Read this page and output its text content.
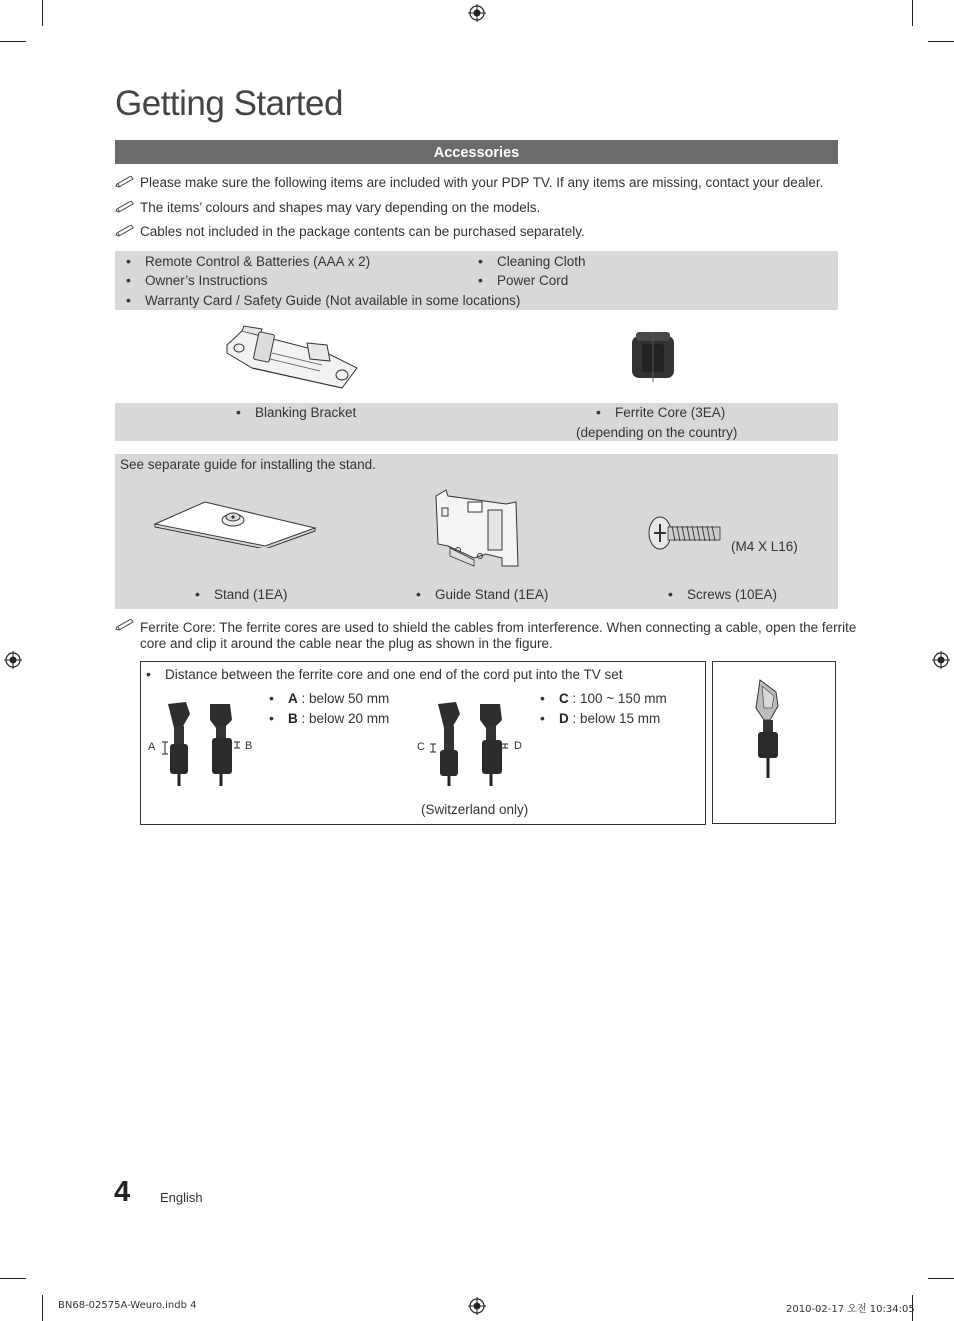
Getting Started
Accessories
Please make sure the following items are included with your PDP TV. If any items are missing, contact your dealer.
The items’ colours and shapes may vary depending on the models.
Cables not included in the package contents can be purchased separately.
• Remote Control & Batteries (AAA x 2)
• Owner’s Instructions
• Warranty Card / Safety Guide (Not available in some locations)
• Cleaning Cloth
• Power Cord
• Blanking Bracket	• Ferrite Core (3EA)
(depending on the country)
See separate guide for installing the stand.
(M4 X L16)
• Stand (1EA)	• Guide Stand (1EA)	• Screws (10EA)
Ferrite Core: The ferrite cores are used to shield the cables from interference. When connecting a cable, open the ferrite
core and clip it around the cable near the plug as shown in the figure.
• Distance between the ferrite core and one end of the cord put into the TV set
• A : below 50 mm
• B : below 20 mm
• C : 100 ~ 150 mm
• D : below 15 mm
A	B	C	D
(Switzerland only)
4 English
BN68-02575A-Weuro.indb 4	2010-02-17 오전 10:34:05
